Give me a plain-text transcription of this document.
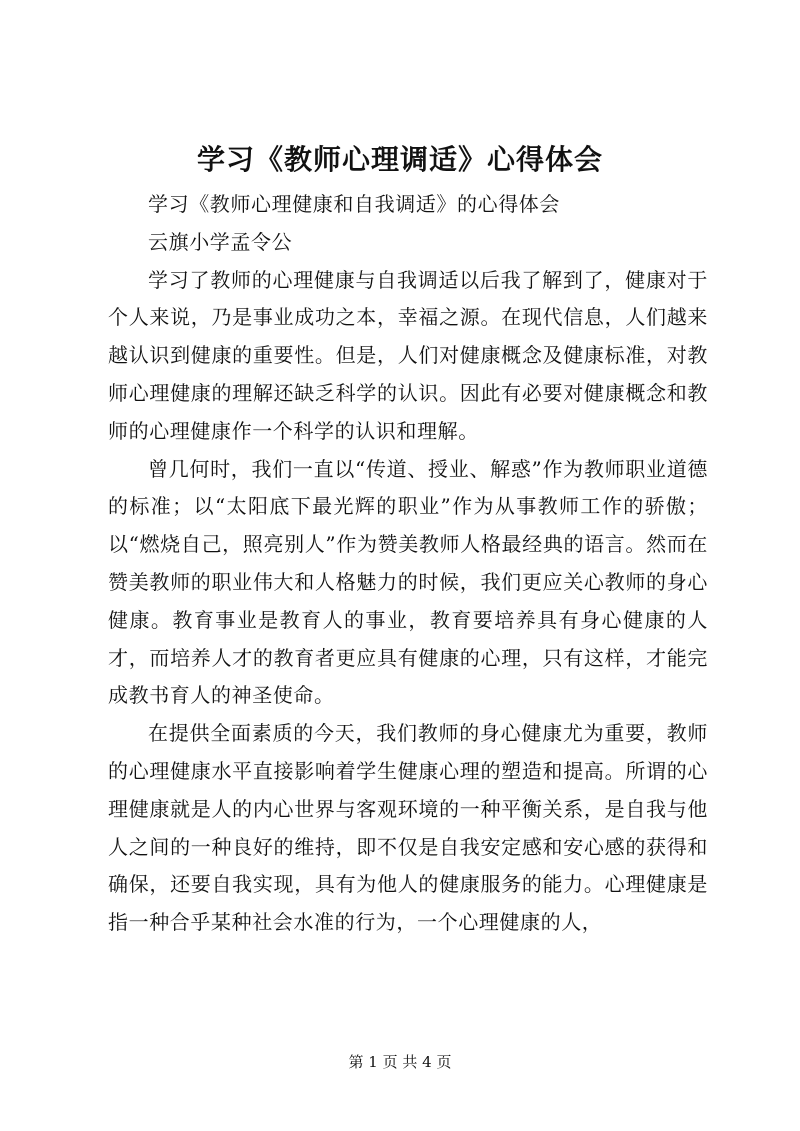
学习《教师心理调适》心得体会

学习《教师心理健康和自我调适》的心得体会

云旗小学孟令公

学习了教师的心理健康与自我调适以后我了解到了，健康对于个人来说，乃是事业成功之本，幸福之源。在现代信息，人们越来越认识到健康的重要性。但是，人们对健康概念及健康标准，对教师心理健康的理解还缺乏科学的认识。因此有必要对健康概念和教师的心理健康作一个科学的认识和理解。

曾几何时，我们一直以“传道、授业、解惑”作为教师职业道德的标准；以“太阳底下最光辉的职业”作为从事教师工作的骄傲；以“燃烧自己，照亮别人”作为赞美教师人格最经典的语言。然而在赞美教师的职业伟大和人格魅力的时候，我们更应关心教师的身心健康。教育事业是教育人的事业，教育要培养具有身心健康的人才，而培养人才的教育者更应具有健康的心理，只有这样，才能完成教书育人的神圣使命。

在提供全面素质的今天，我们教师的身心健康尤为重要，教师的心理健康水平直接影响着学生健康心理的塑造和提高。所谓的心理健康就是人的内心世界与客观环境的一种平衡关系，是自我与他人之间的一种良好的维持，即不仅是自我安定感和安心感的获得和确保，还要自我实现，具有为他人的健康服务的能力。心理健康是指一种合乎某种社会水准的行为，一个心理健康的人，

第 1 页 共 4 页
